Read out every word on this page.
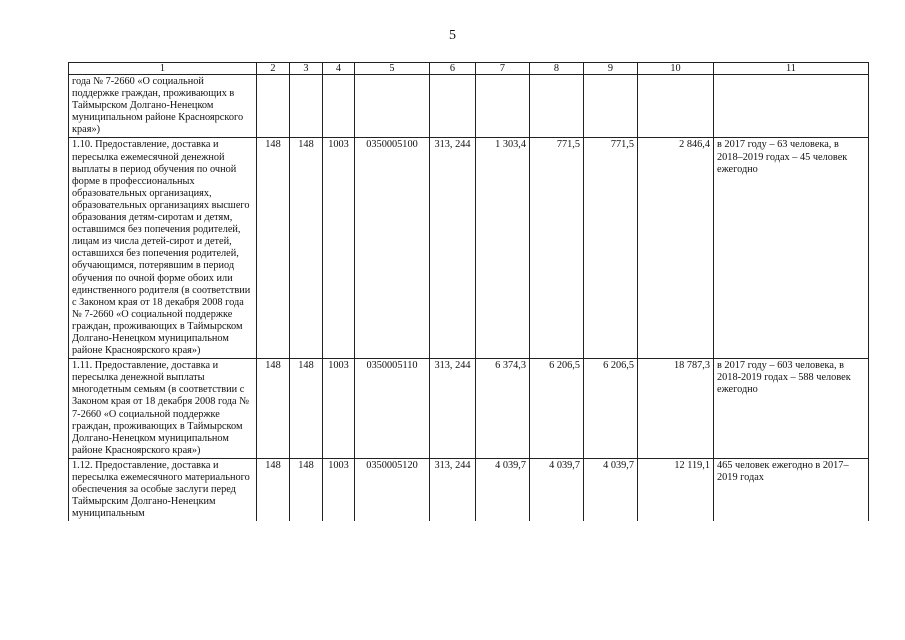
5
1	2	3	4	5	6	7	8	9	10	11
года № 7-2660 «О социальной поддержке граждан, проживающих в Таймырском Долгано-Ненецком муниципальном районе Красноярского края»)										
1.10. Предоставление, доставка и пересылка ежемесячной денежной выплаты в период обучения по очной форме в профессиональных образовательных организациях, образовательных организациях высшего образования детям-сиротам и детям, оставшимся без попечения родителей, лицам из числа детей-сирот и детей, оставшихся без попечения родителей, обучающимся, потерявшим в период обучения по очной форме обоих или единственного родителя (в соответствии с Законом края от 18 декабря 2008 года № 7-2660 «О социальной поддержке граждан, проживающих в Таймырском Долгано-Ненецком муниципальном районе Красноярского края»)	148	148	1003	0350005100	313, 244	1 303,4	771,5	771,5	2 846,4	в 2017 году – 63 человека, в 2018–2019 годах – 45 человек ежегодно
1.11. Предоставление, доставка и пересылка денежной выплаты многодетным семьям (в соответствии с Законом края от 18 декабря 2008 года № 7-2660 «О социальной поддержке граждан, проживающих в Таймырском Долгано-Ненецком муниципальном районе Красноярского края»)	148	148	1003	0350005110	313, 244	6 374,3	6 206,5	6 206,5	18 787,3	в 2017 году – 603 человека, в 2018-2019 годах – 588 человек ежегодно
1.12. Предоставление, доставка и пересылка ежемесячного материального обеспечения за особые заслуги перед Таймырским Долгано-Ненецким муниципальным	148	148	1003	0350005120	313, 244	4 039,7	4 039,7	4 039,7	12 119,1	465 человек ежегодно в 2017–2019 годах
